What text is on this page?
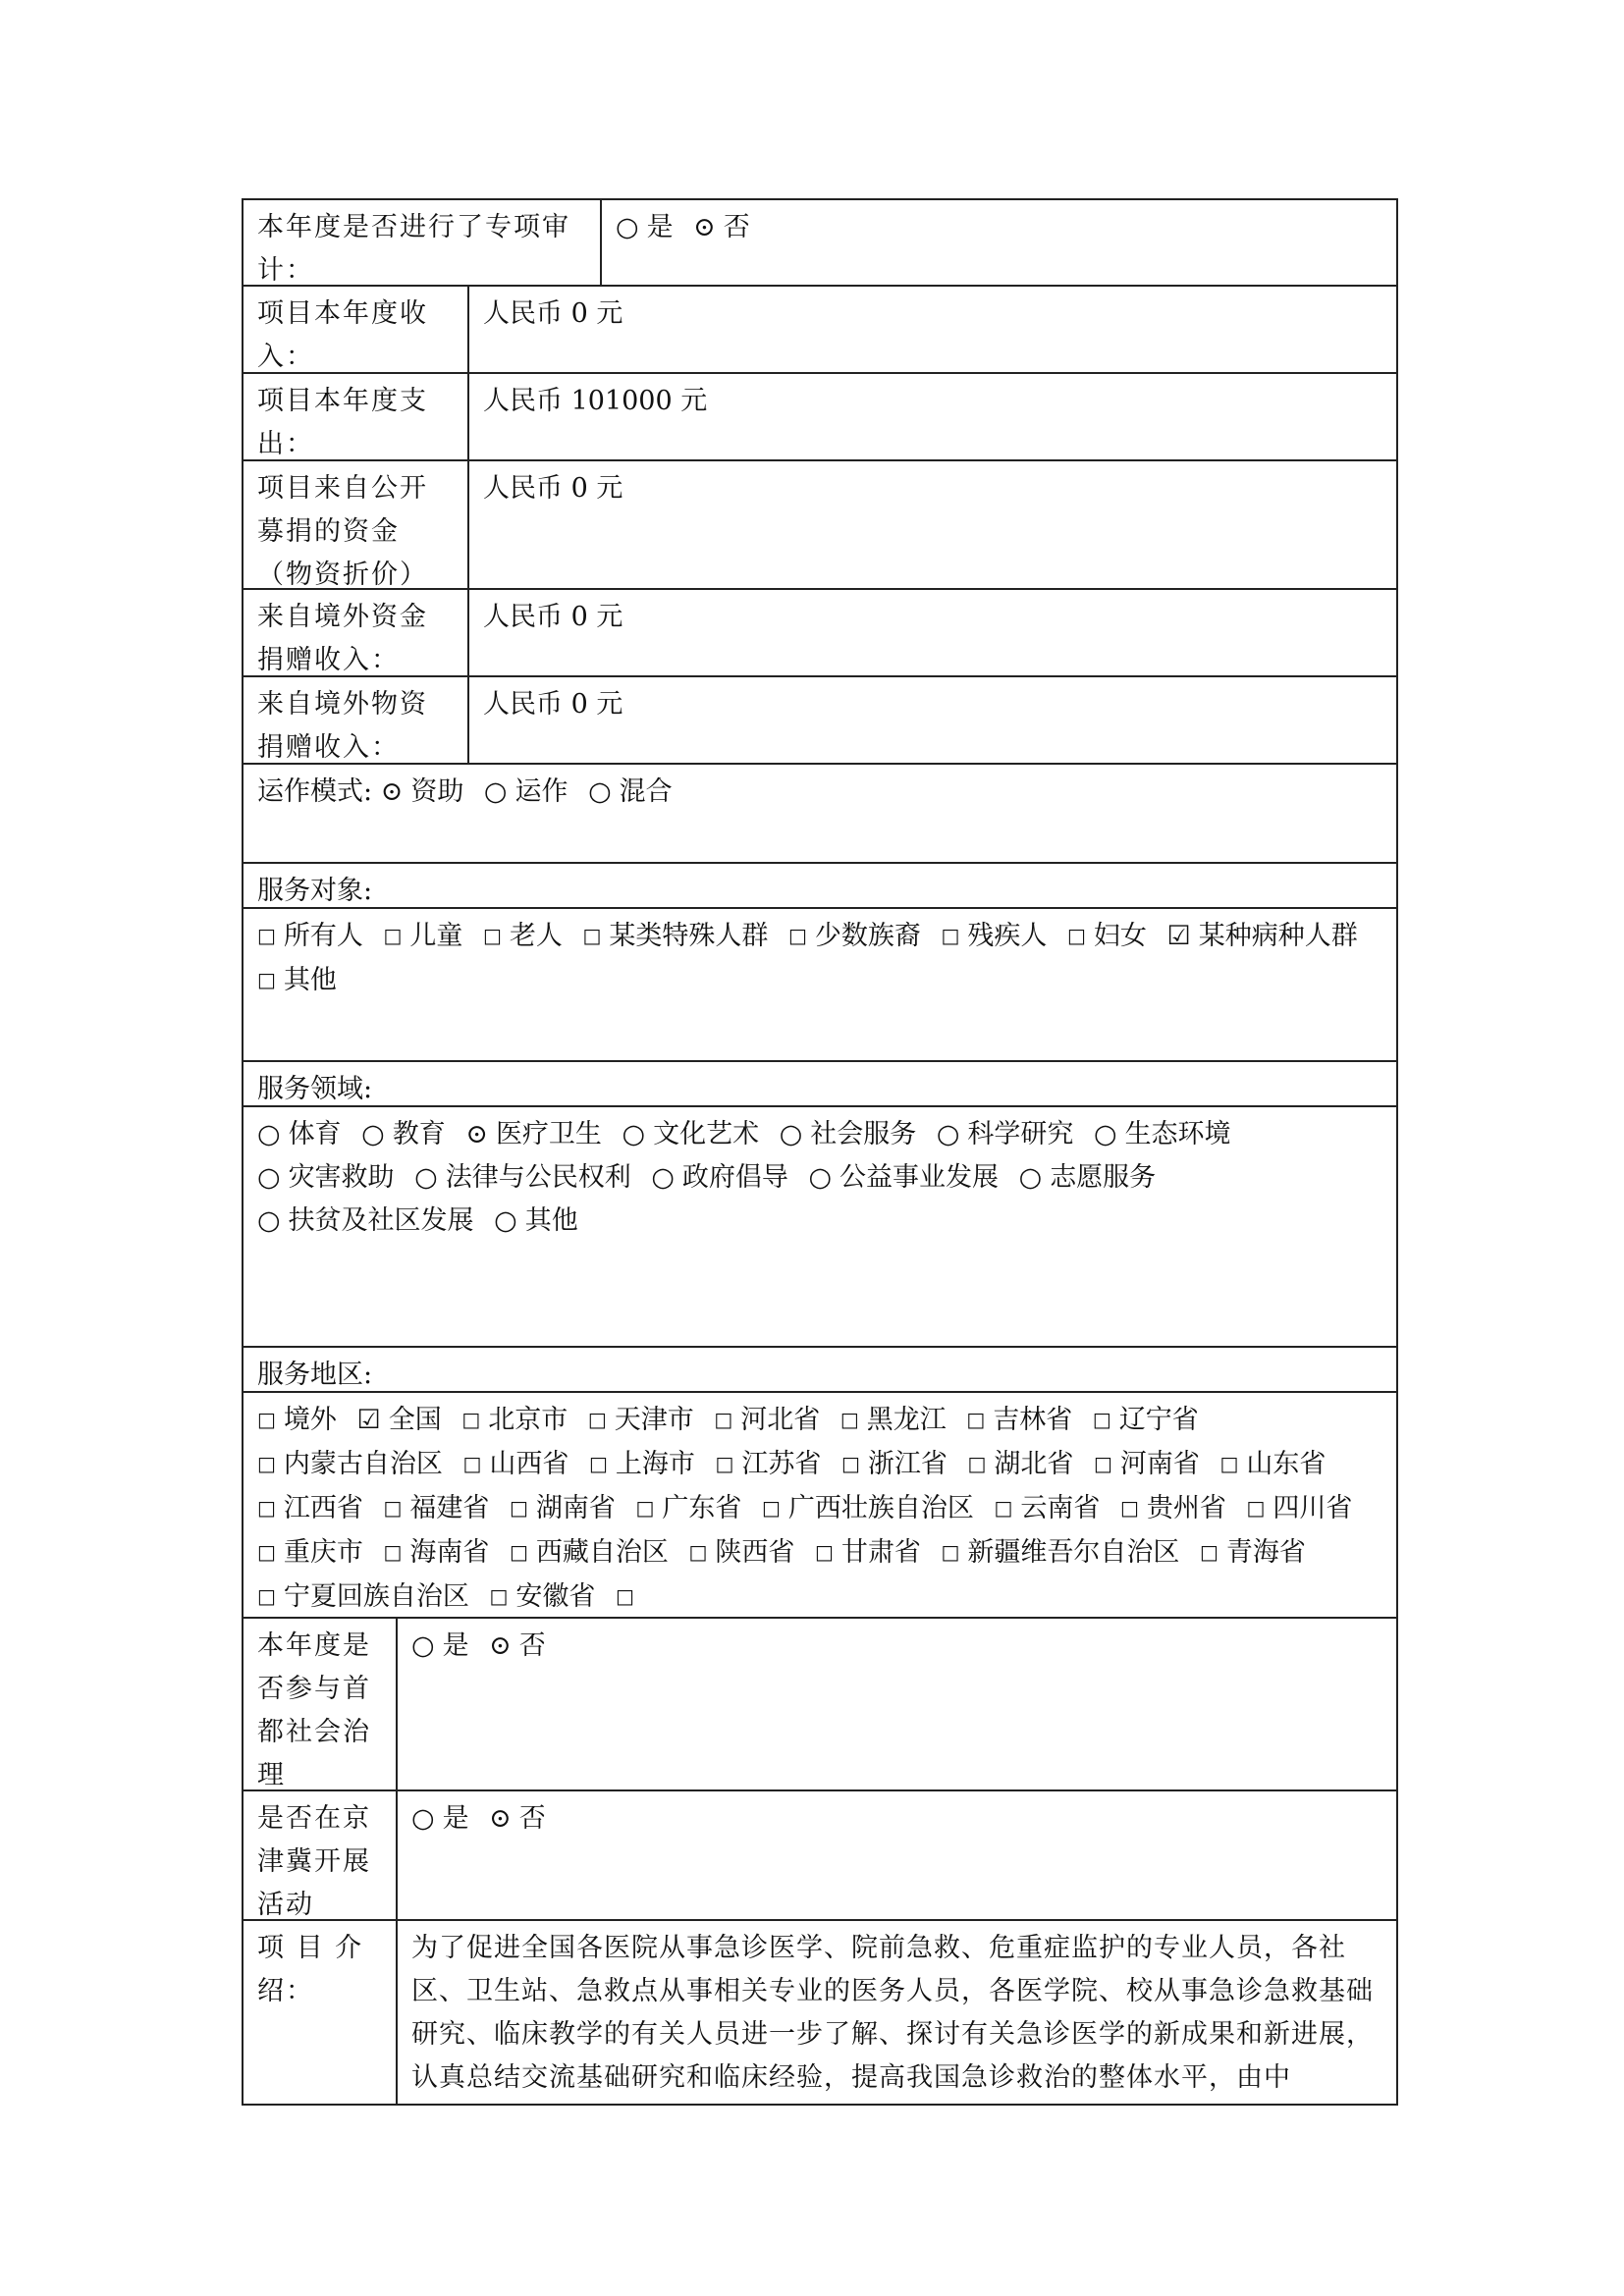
本年度是否进行了专项审计：
○ 是 ⊙ 否
项目本年度收入：
人民币 0 元
项目本年度支出：
人民币 101000 元
项目来自公开募捐的资金（物资折价）
人民币 0 元
来自境外资金捐赠收入：
人民币 0 元
来自境外物资捐赠收入：
人民币 0 元
运作模式: ⊙ 资助 ○ 运作 ○ 混合
服务对象:
□ 所有人 □ 儿童 □ 老人 □ 某类特殊人群 □ 少数族裔 □ 残疾人 □ 妇女 ☑ 某种病种人群 □ 其他
服务领域:
○ 体育 ○ 教育 ⊙ 医疗卫生 ○ 文化艺术 ○ 社会服务 ○ 科学研究 ○ 生态环境 ○ 灾害救助 ○ 法律与公民权利 ○ 政府倡导 ○ 公益事业发展 ○ 志愿服务 ○ 扶贫及社区发展 ○ 其他
服务地区:
□ 境外 ☑ 全国 □ 北京市 □ 天津市 □ 河北省 □ 黑龙江 □ 吉林省 □ 辽宁省 □ 内蒙古自治区 □ 山西省 □ 上海市 □ 江苏省 □ 浙江省 □ 湖北省 □ 河南省 □ 山东省 □ 江西省 □ 福建省 □ 湖南省 □ 广东省 □ 广西壮族自治区 □ 云南省 □ 贵州省 □ 四川省 □ 重庆市 □ 海南省 □ 西藏自治区 □ 陕西省 □ 甘肃省 □ 新疆维吾尔自治区 □ 青海省 □ 宁夏回族自治区 □ 安徽省 □
本年度是否参与首都社会治理
○ 是 ⊙ 否
是否在京津冀开展活动
○ 是 ⊙ 否
项 目 介 绍：
为了促进全国各医院从事急诊医学、院前急救、危重症监护的专业人员，各社区、卫生站、急救点从事相关专业的医务人员，各医学院、校从事急诊急救基础研究、临床教学的有关人员进一步了解、探讨有关急诊医学的新成果和新进展，认真总结交流基础研究和临床经验，提高我国急诊救治的整体水平，由中
